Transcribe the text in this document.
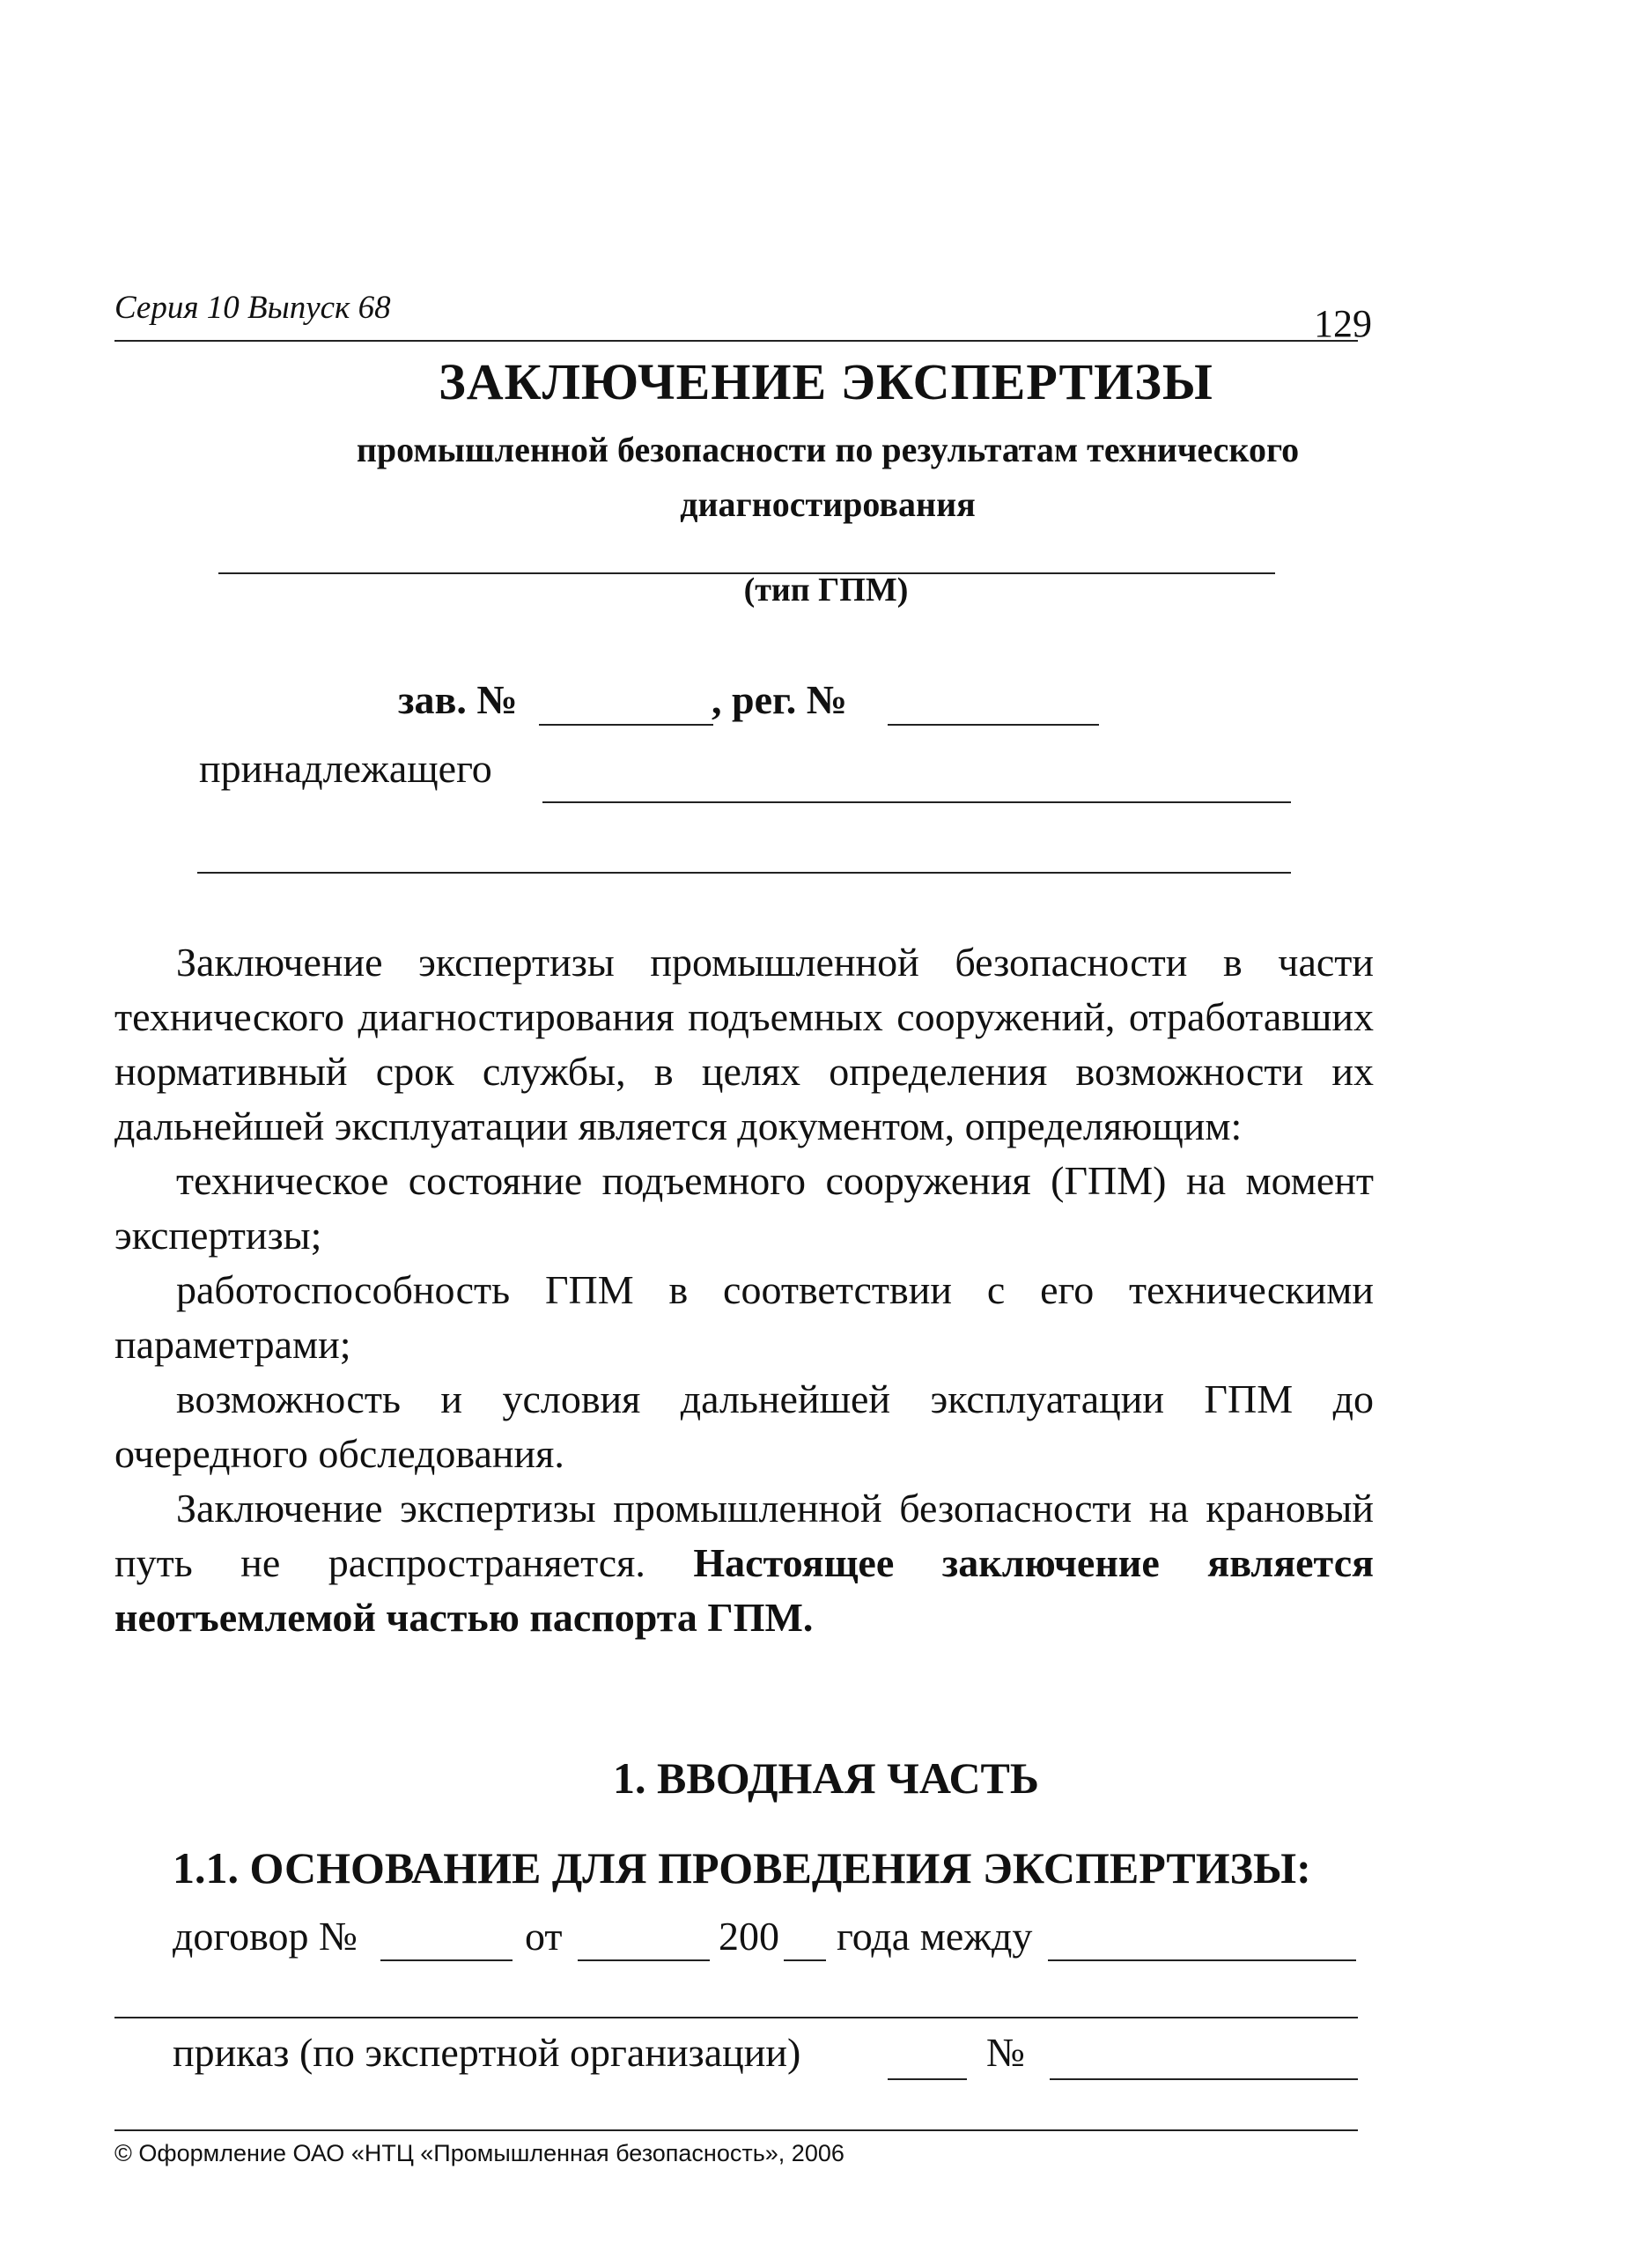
Серия 10 Выпуск 68	129
ЗАКЛЮЧЕНИЕ ЭКСПЕРТИЗЫ
промышленной безопасности по результатам технического
диагностирования
(тип ГПМ)
зав. №	, рег. №
принадлежащего

Заключение экспертизы промышленной безопасности в части технического диагностирования подъемных сооружений, отработавших нормативный срок службы, в целях определения возможности их дальнейшей эксплуатации является документом, определяющим:

техническое состояние подъемного сооружения (ГПМ) на момент экспертизы;

работоспособность ГПМ в соответствии с его техническими параметрами;

возможность и условия дальнейшей эксплуатации ГПМ до очередного обследования.

Заключение экспертизы промышленной безопасности на крановый путь не распространяется. Настоящее заключение является неотъемлемой частью паспорта ГПМ.

1. ВВОДНАЯ ЧАСТЬ
1.1. ОСНОВАНИЕ ДЛЯ ПРОВЕДЕНИЯ ЭКСПЕРТИЗЫ:
договор №	от	200 года между
приказ (по экспертной организации)	№
© Оформление ОАО «НТЦ «Промышленная безопасность», 2006
